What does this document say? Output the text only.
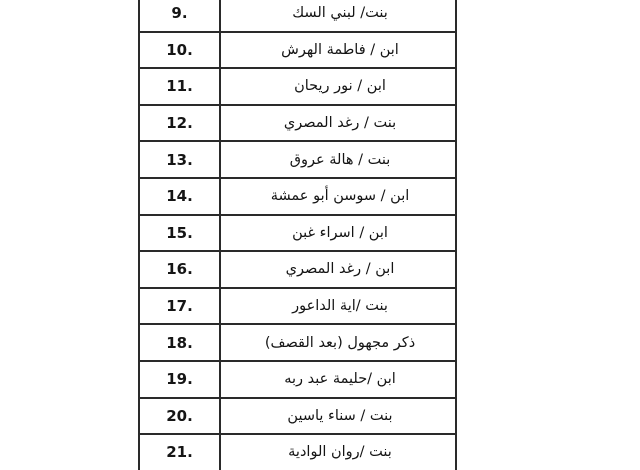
9.	بنت/ لبني السك
10.	ابن / فاطمة الهرش
11.	ابن / نور ريحان
12.	بنت / رغد المصري
13.	بنت / هالة عروق
14.	ابن / سوسن أبو عمشة
15.	ابن / اسراء غبن
16.	ابن / رغد المصري
17.	بنت /اية الداعور
18.	ذكر مجهول (بعد القصف)
19.	ابن /حليمة عبد ربه
20.	بنت / سناء ياسين
21.	بنت /روان الوادية
